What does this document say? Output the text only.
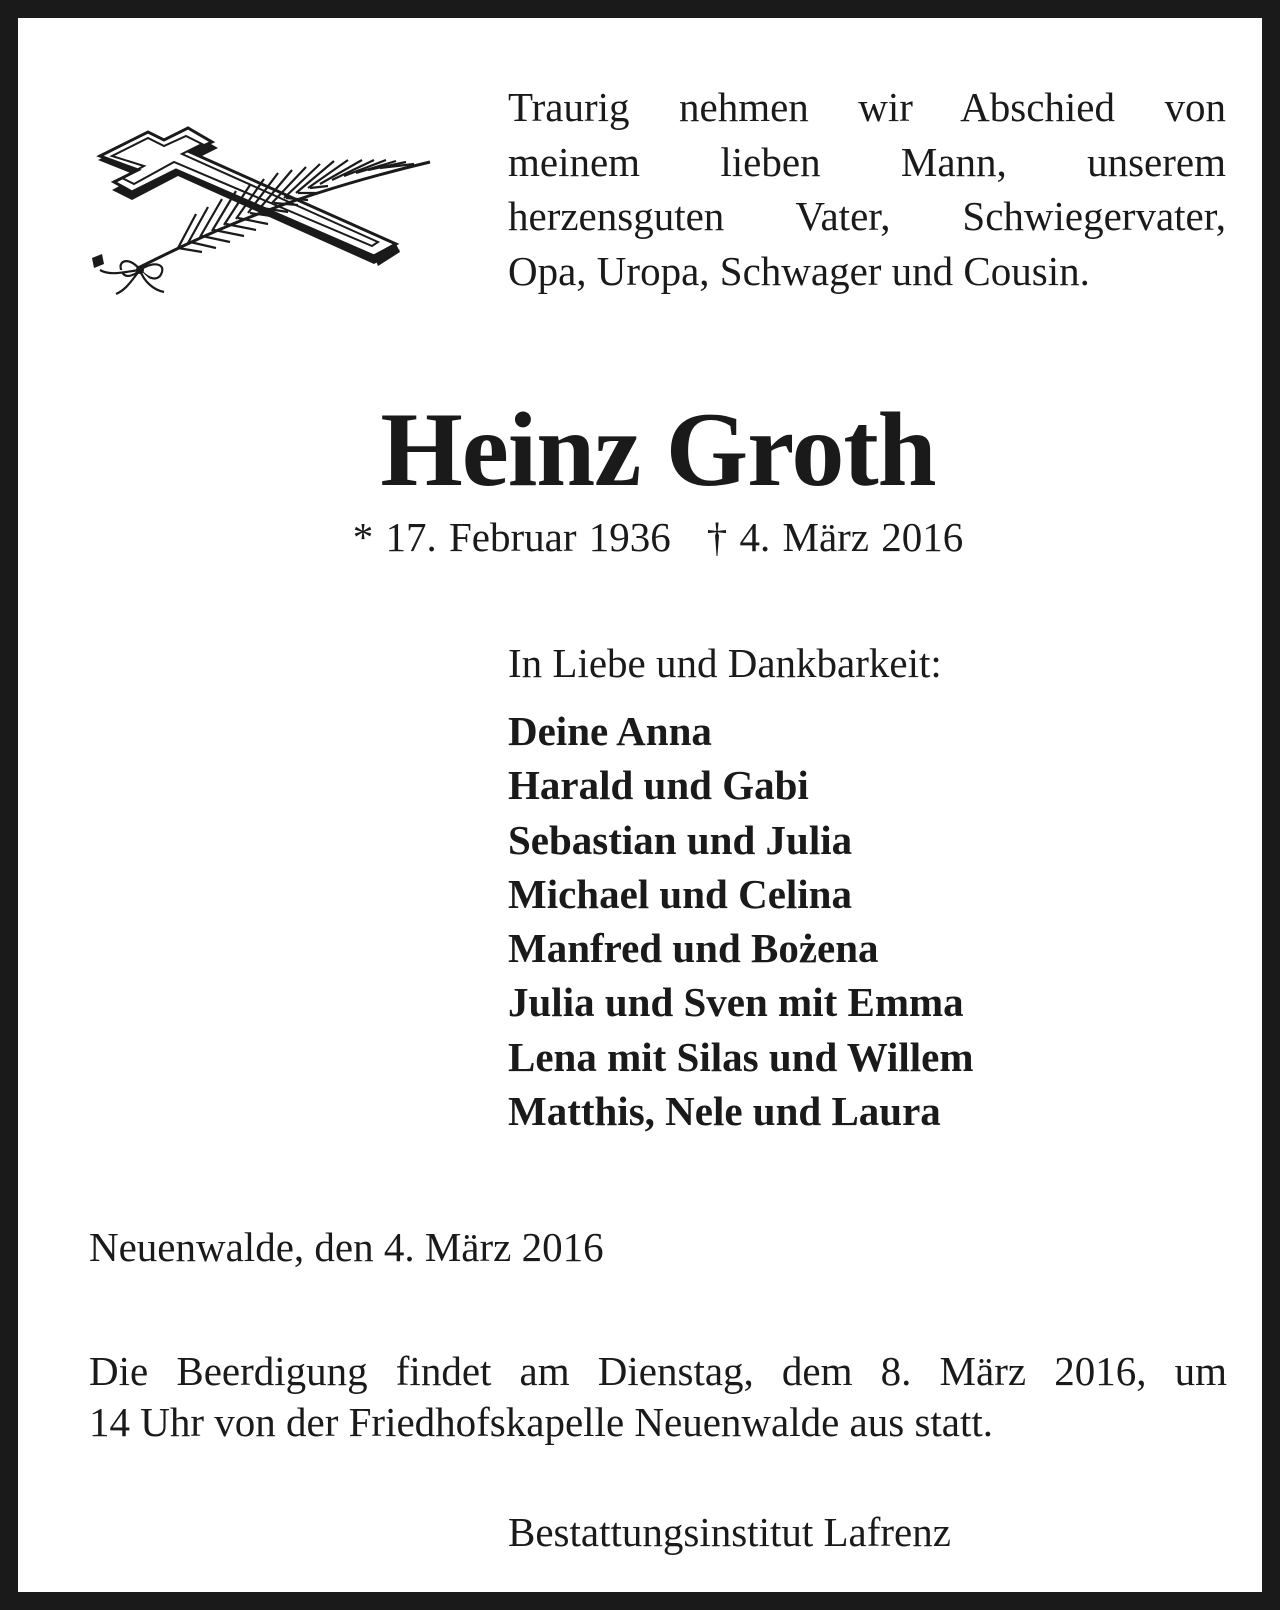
Traurig nehmen wir Abschied von
meinem lieben Mann, unserem
herzensguten Vater, Schwiegervater,
Opa, Uropa, Schwager und Cousin.
Heinz Groth
* 17. Februar 1936 † 4. März 2016
In Liebe und Dankbarkeit:
Deine Anna
Harald und Gabi
Sebastian und Julia
Michael und Celina
Manfred und Bożena
Julia und Sven mit Emma
Lena mit Silas und Willem
Matthis, Nele und Laura
Neuenwalde, den 4. März 2016
Die Beerdigung findet am Dienstag, dem 8. März 2016, um
14 Uhr von der Friedhofskapelle Neuenwalde aus statt.
Bestattungsinstitut Lafrenz
